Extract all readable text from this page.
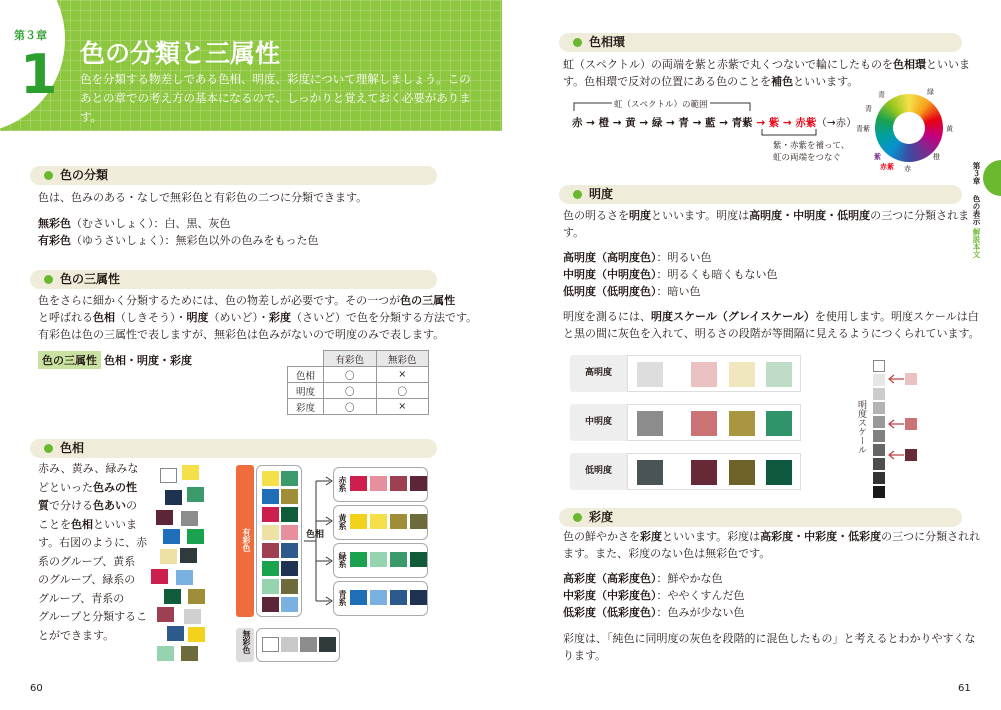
第３章
1 色の分類と三属性
色を分類する物差しである色相、明度、彩度について理解しましょう。このあとの章での考え方の基本になるので、しっかりと覚えておく必要があります。
色の分類
色は、色みのある・なしで無彩色と有彩色の二つに分類できます。
無彩色（むさいしょく）：白、黒、灰色
有彩色（ゆうさいしょく）：無彩色以外の色みをもった色
色の三属性
色をさらに細かく分類するためには、色の物差しが必要です。その一つが色の三属性
と呼ばれる色相（しきそう）・明度（めいど）・彩度（さいど）で色を分類する方法です。
有彩色は色の三属性で表しますが、無彩色は色みがないので明度のみで表します。
色の三属性 色相・明度・彩度
		有彩色	無彩色
色相	〇	×
明度	〇	〇
彩度	〇	×
色相
赤み、黄み、緑みな
どといった色みの性
質で分ける色あいの
ことを色相といいま
す。右図のように、赤
系のグループ、黄系
のグループ、緑系の
グループ、青系の
グループと分類するこ
とができます。
有彩色	色相
赤系
黄系
緑系
青系
無彩色
60
色相環
虹（スペクトル）の両端を紫と赤紫で丸くつないで輪にしたものを色相環といいま
す。色相環で反対の位置にある色のことを補色といいます。
虹（スペクトル）の範囲
赤 → 橙 → 黄 → 緑 → 青 → 藍 → 青紫 → 紫 → 赤紫（→赤）
紫・赤紫を補って、
虹の両端をつなぐ
緑
青
青
青紫
紫
赤紫 赤
橙
黄
第３章
色の表示
解説本文
明度
色の明るさを明度といいます。明度は高明度・中明度・低明度の三つに分類されま
す。
高明度（高明度色）：明るい色
中明度（中明度色）：明るくも暗くもない色
低明度（低明度色）：暗い色
明度を測るには、明度スケール（グレイスケール）を使用します。明度スケールは白
と黒の間に灰色を入れて、明るさの段階が等間隔に見えるようにつくられています。
高明度
中明度
低明度
明度スケール
彩度
色の鮮やかさを彩度といいます。彩度は高彩度・中彩度・低彩度の三つに分類されれ
ます。また、彩度のない色は無彩色です。
高彩度（高彩度色）：鮮やかな色
中彩度（中彩度色）：ややくすんだ色
低彩度（低彩度色）：色みが少ない色
彩度は、「純色に同明度の灰色を段階的に混色したもの」と考えるとわかりやすくな
ります。
61
